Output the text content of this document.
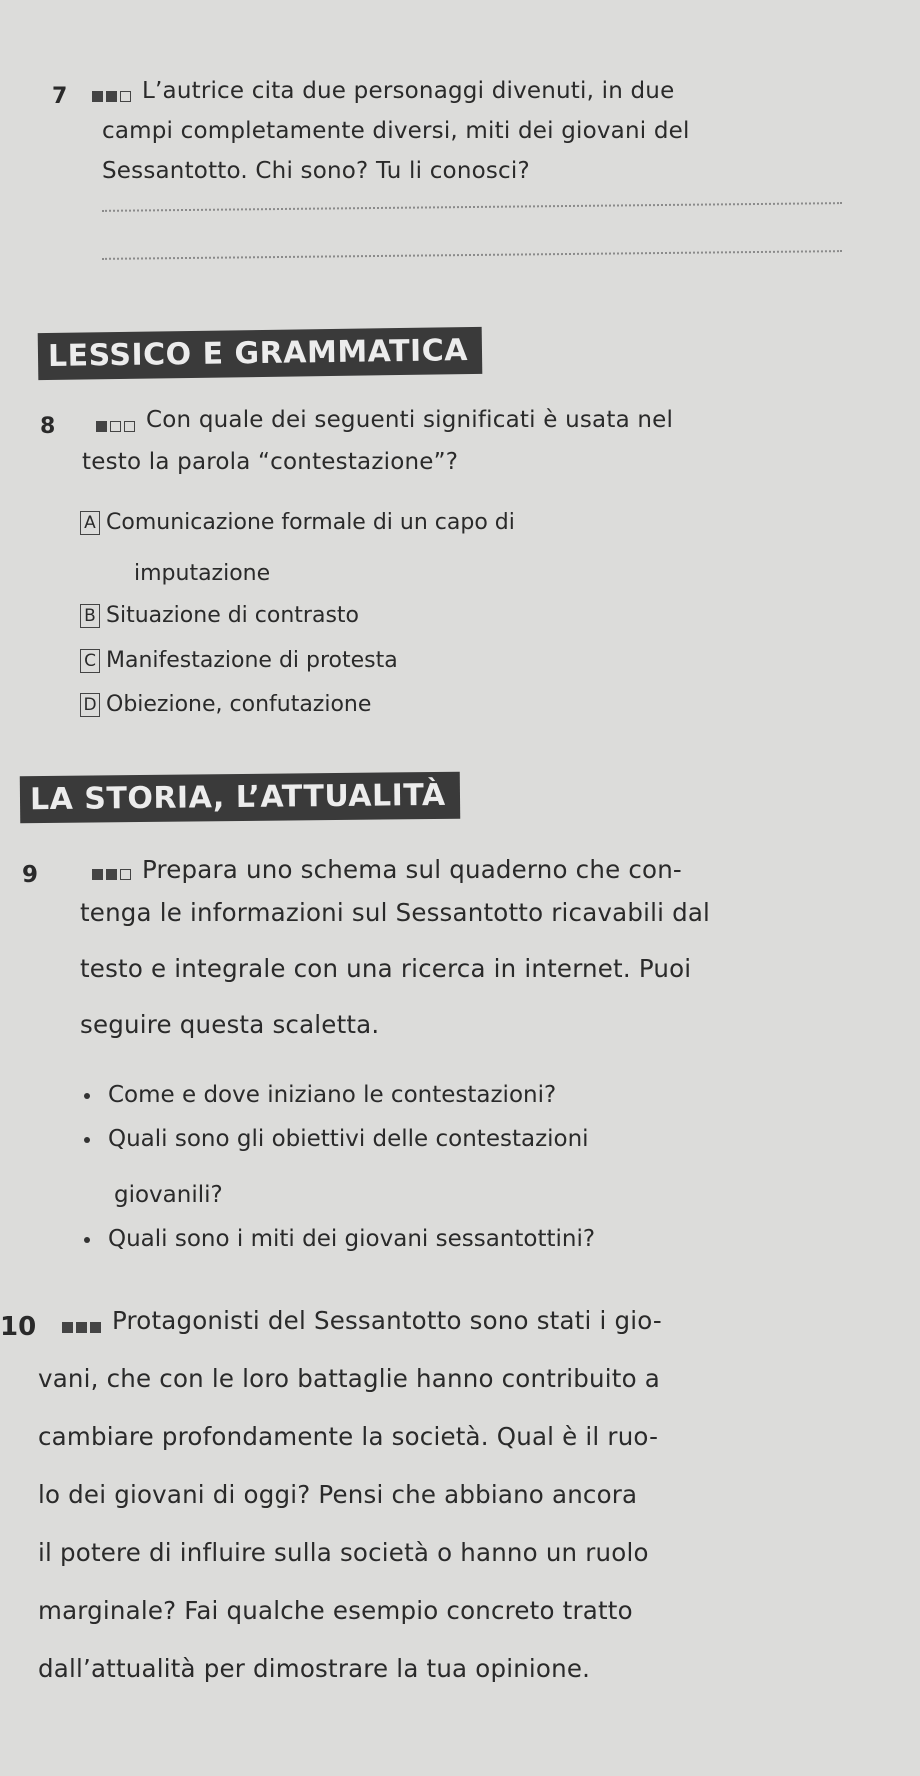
7	L’autrice cita due personaggi divenuti, in due
campi completamente diversi, miti dei giovani del
Sessantotto. Chi sono? Tu li conosci?
LESSICO E GRAMMATICA
8	Con quale dei seguenti significati è usata nel
testo la parola “contestazione”?
A Comunicazione formale di un capo di
imputazione
B Situazione di contrasto
C Manifestazione di protesta
D Obiezione, confutazione
LA STORIA, L’ATTUALITÀ
9	Prepara uno schema sul quaderno che con-
tenga le informazioni sul Sessantotto ricavabili dal
testo e integrale con una ricerca in internet. Puoi
seguire questa scaletta.
Come e dove iniziano le contestazioni?
Quali sono gli obiettivi delle contestazioni
giovanili?
Quali sono i miti dei giovani sessantottini?
10	Protagonisti del Sessantotto sono stati i gio-
vani, che con le loro battaglie hanno contribuito a
cambiare profondamente la società. Qual è il ruo-
lo dei giovani di oggi? Pensi che abbiano ancora
il potere di influire sulla società o hanno un ruolo
marginale? Fai qualche esempio concreto tratto
dall’attualità per dimostrare la tua opinione.
